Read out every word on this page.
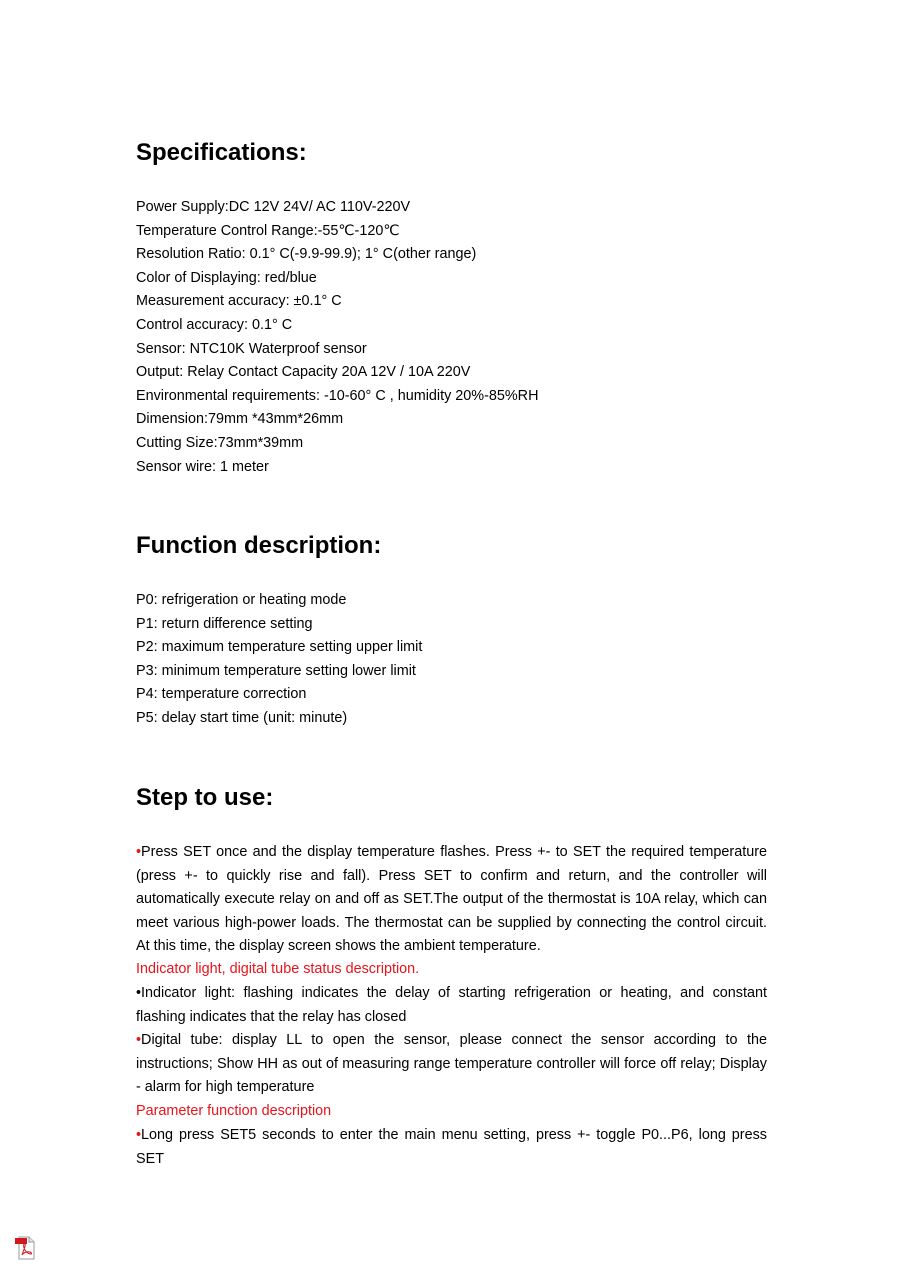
Specifications:
Power Supply:DC 12V 24V/ AC 110V-220V
Temperature Control Range:-55℃-120℃
Resolution Ratio: 0.1° C(-9.9-99.9); 1° C(other range)
Color of Displaying: red/blue
Measurement accuracy: ±0.1° C
Control accuracy: 0.1° C
Sensor: NTC10K Waterproof sensor
Output: Relay Contact Capacity 20A 12V / 10A 220V
Environmental requirements: -10-60° C , humidity 20%-85%RH
Dimension:79mm *43mm*26mm
Cutting Size:73mm*39mm
Sensor wire: 1 meter
Function description:
P0: refrigeration or heating mode
P1: return difference setting
P2: maximum temperature setting upper limit
P3: minimum temperature setting lower limit
P4: temperature correction
P5: delay start time (unit: minute)
Step to use:

•Press SET once and the display temperature flashes. Press +- to SET the required temperature (press +- to quickly rise and fall). Press SET to confirm and return, and the controller will automatically execute relay on and off as SET.The output of the thermostat is 10A relay, which can meet various high-power loads. The thermostat can be supplied by connecting the control circuit. At this time, the display screen shows the ambient temperature.

Indicator light, digital tube status description.

•Indicator light: flashing indicates the delay of starting refrigeration or heating, and constant flashing indicates that the relay has closed

•Digital tube: display LL to open the sensor, please connect the sensor according to the instructions; Show HH as out of measuring range temperature controller will force off relay; Display - alarm for high temperature

Parameter function description

•Long press SET5 seconds to enter the main menu setting, press +- toggle P0...P6, long press SET
